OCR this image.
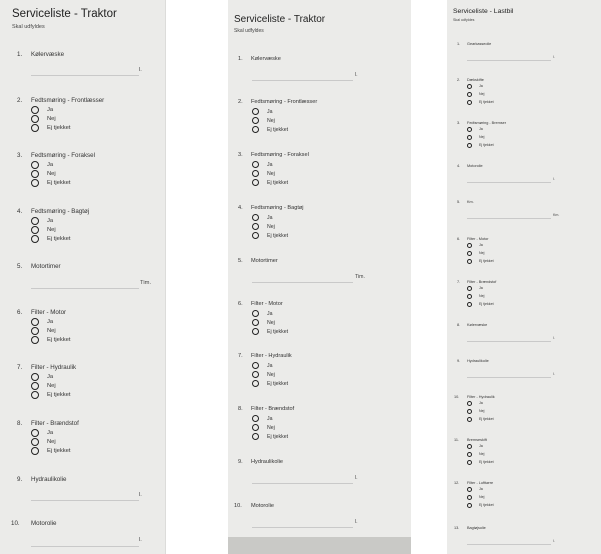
Serviceliste - Traktor
Skal udfyldes
1. Kølervæske
l.
2. Fedtsmøring - Frontlæsser
Ja
Nej
Ej tjekket
3. Fedtsmøring - Foraksel
Ja
Nej
Ej tjekket
4. Fedtsmøring - Bagtøj
Ja
Nej
Ej tjekket
5. Motortimer
Tim.
6. Filter - Motor
Ja
Nej
Ej tjekket
7. Filter - Hydraulik
Ja
Nej
Ej tjekket
8. Filter - Brændstof
Ja
Nej
Ej tjekket
9. Hydraulikolie
l.
10. Motorolie
l.
Serviceliste - Traktor
Skal udfyldes
1. Kølervæske
l.
2. Fedtsmøring - Frontlæsser
Ja
Nej
Ej tjekket
3. Fedtsmøring - Foraksel
Ja
Nej
Ej tjekket
4. Fedtsmøring - Bagtøj
Ja
Nej
Ej tjekket
5. Motortimer
Tim.
6. Filter - Motor
Ja
Nej
Ej tjekket
7. Filter - Hydraulik
Ja
Nej
Ej tjekket
8. Filter - Brændstof
Ja
Nej
Ej tjekket
9. Hydraulikolie
l.
10. Motorolie
l.
Serviceliste - Lastbil
Skal udfyldes
1. Gearkasseolie
l.
2. Dækskifte
Ja
Nej
Ej tjekket
3. Fedtsmøring - Bremser
Ja
Nej
Ej tjekket
4. Motorolie
l.
5. Km.
Km.
6. Filter - Motor
Ja
Nej
Ej tjekket
7. Filter - Brændstof
Ja
Nej
Ej tjekket
8. Kølervæske
l.
9. Hydraulikolie
l.
10. Filter - Hydraulik
Ja
Nej
Ej tjekket
11. Bremseskift
Ja
Nej
Ej tjekket
12. Filter - Lufttørre
Ja
Nej
Ej tjekket
13. Bagtøjsolie
l.
